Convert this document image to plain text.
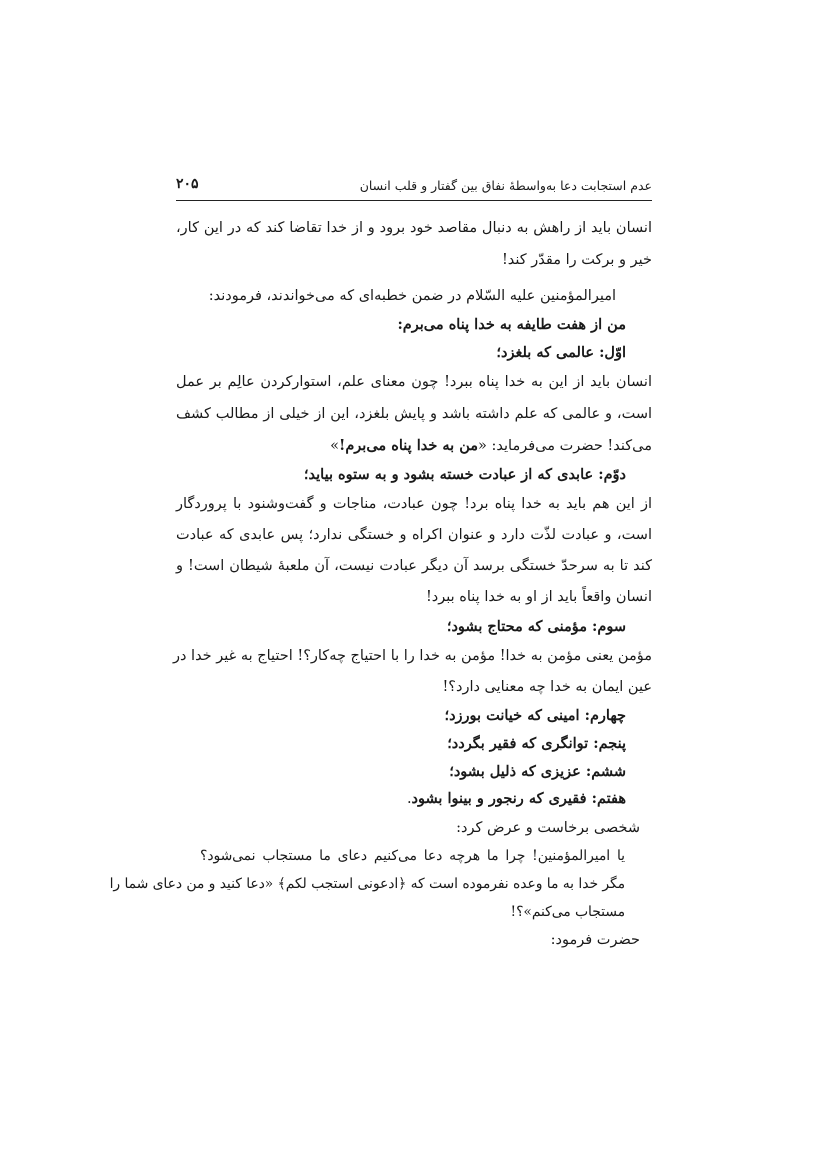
عدم استجابت دعا به‌واسطهٔ نفاق بین گفتار و قلب انسان
۲۰۵
انسان باید از راهش به دنبال مقاصد خود برود و از خدا تقاضا کند که در این کار،
خیر و برکت را مقدّر کند!
امیرالمؤمنین علیه السّلام در ضمن خطبه‌ای که می‌خواندند، فرمودند:
من از هفت طایفه به خدا پناه می‌برم:
اوّل: عالمی که بلغزد؛
انسان باید از این به خدا پناه ببرد! چون معنای علم، استوارکردن عالِم بر عمل
است، و عالمی که علم داشته باشد و پایش بلغزد، این از خیلی از مطالب کشف
می‌کند! حضرت می‌فرماید: «من به خدا پناه می‌برم!»
دوّم: عابدی که از عبادت خسته بشود و به ستوه بیاید؛
از این هم باید به خدا پناه برد! چون عبادت، مناجات و گفت‌وشنود با پروردگار
است، و عبادت لذّت دارد و عنوان اکراه و خستگی ندارد؛ پس عابدی که عبادت
کند تا به سرحدّ خستگی برسد آن دیگر عبادت نیست، آن ملعبهٔ شیطان است! و
انسان واقعاً باید از او به خدا پناه ببرد!
سوم: مؤمنی که محتاج بشود؛
مؤمن یعنی مؤمن به خدا! مؤمن به خدا را با احتیاج چه‌کار؟! احتیاج به غیر خدا در
عین ایمان به خدا چه معنایی دارد؟!
چهارم: امینی که خیانت بورزد؛
پنجم: توانگری که فقیر بگردد؛
ششم: عزیزی که ذلیل بشود؛
هفتم: فقیری که رنجور و بینوا بشود.
شخصی برخاست و عرض کرد:
یا امیرالمؤمنین! چرا ما هرچه دعا می‌کنیم دعای ما مستجاب نمی‌شود؟
مگر خدا به ما وعده نفرموده است که ﴿ادعونی استجب لکم﴾ «دعا کنید و من دعای شما را
مستجاب می‌کنم»؟!
حضرت فرمود:
